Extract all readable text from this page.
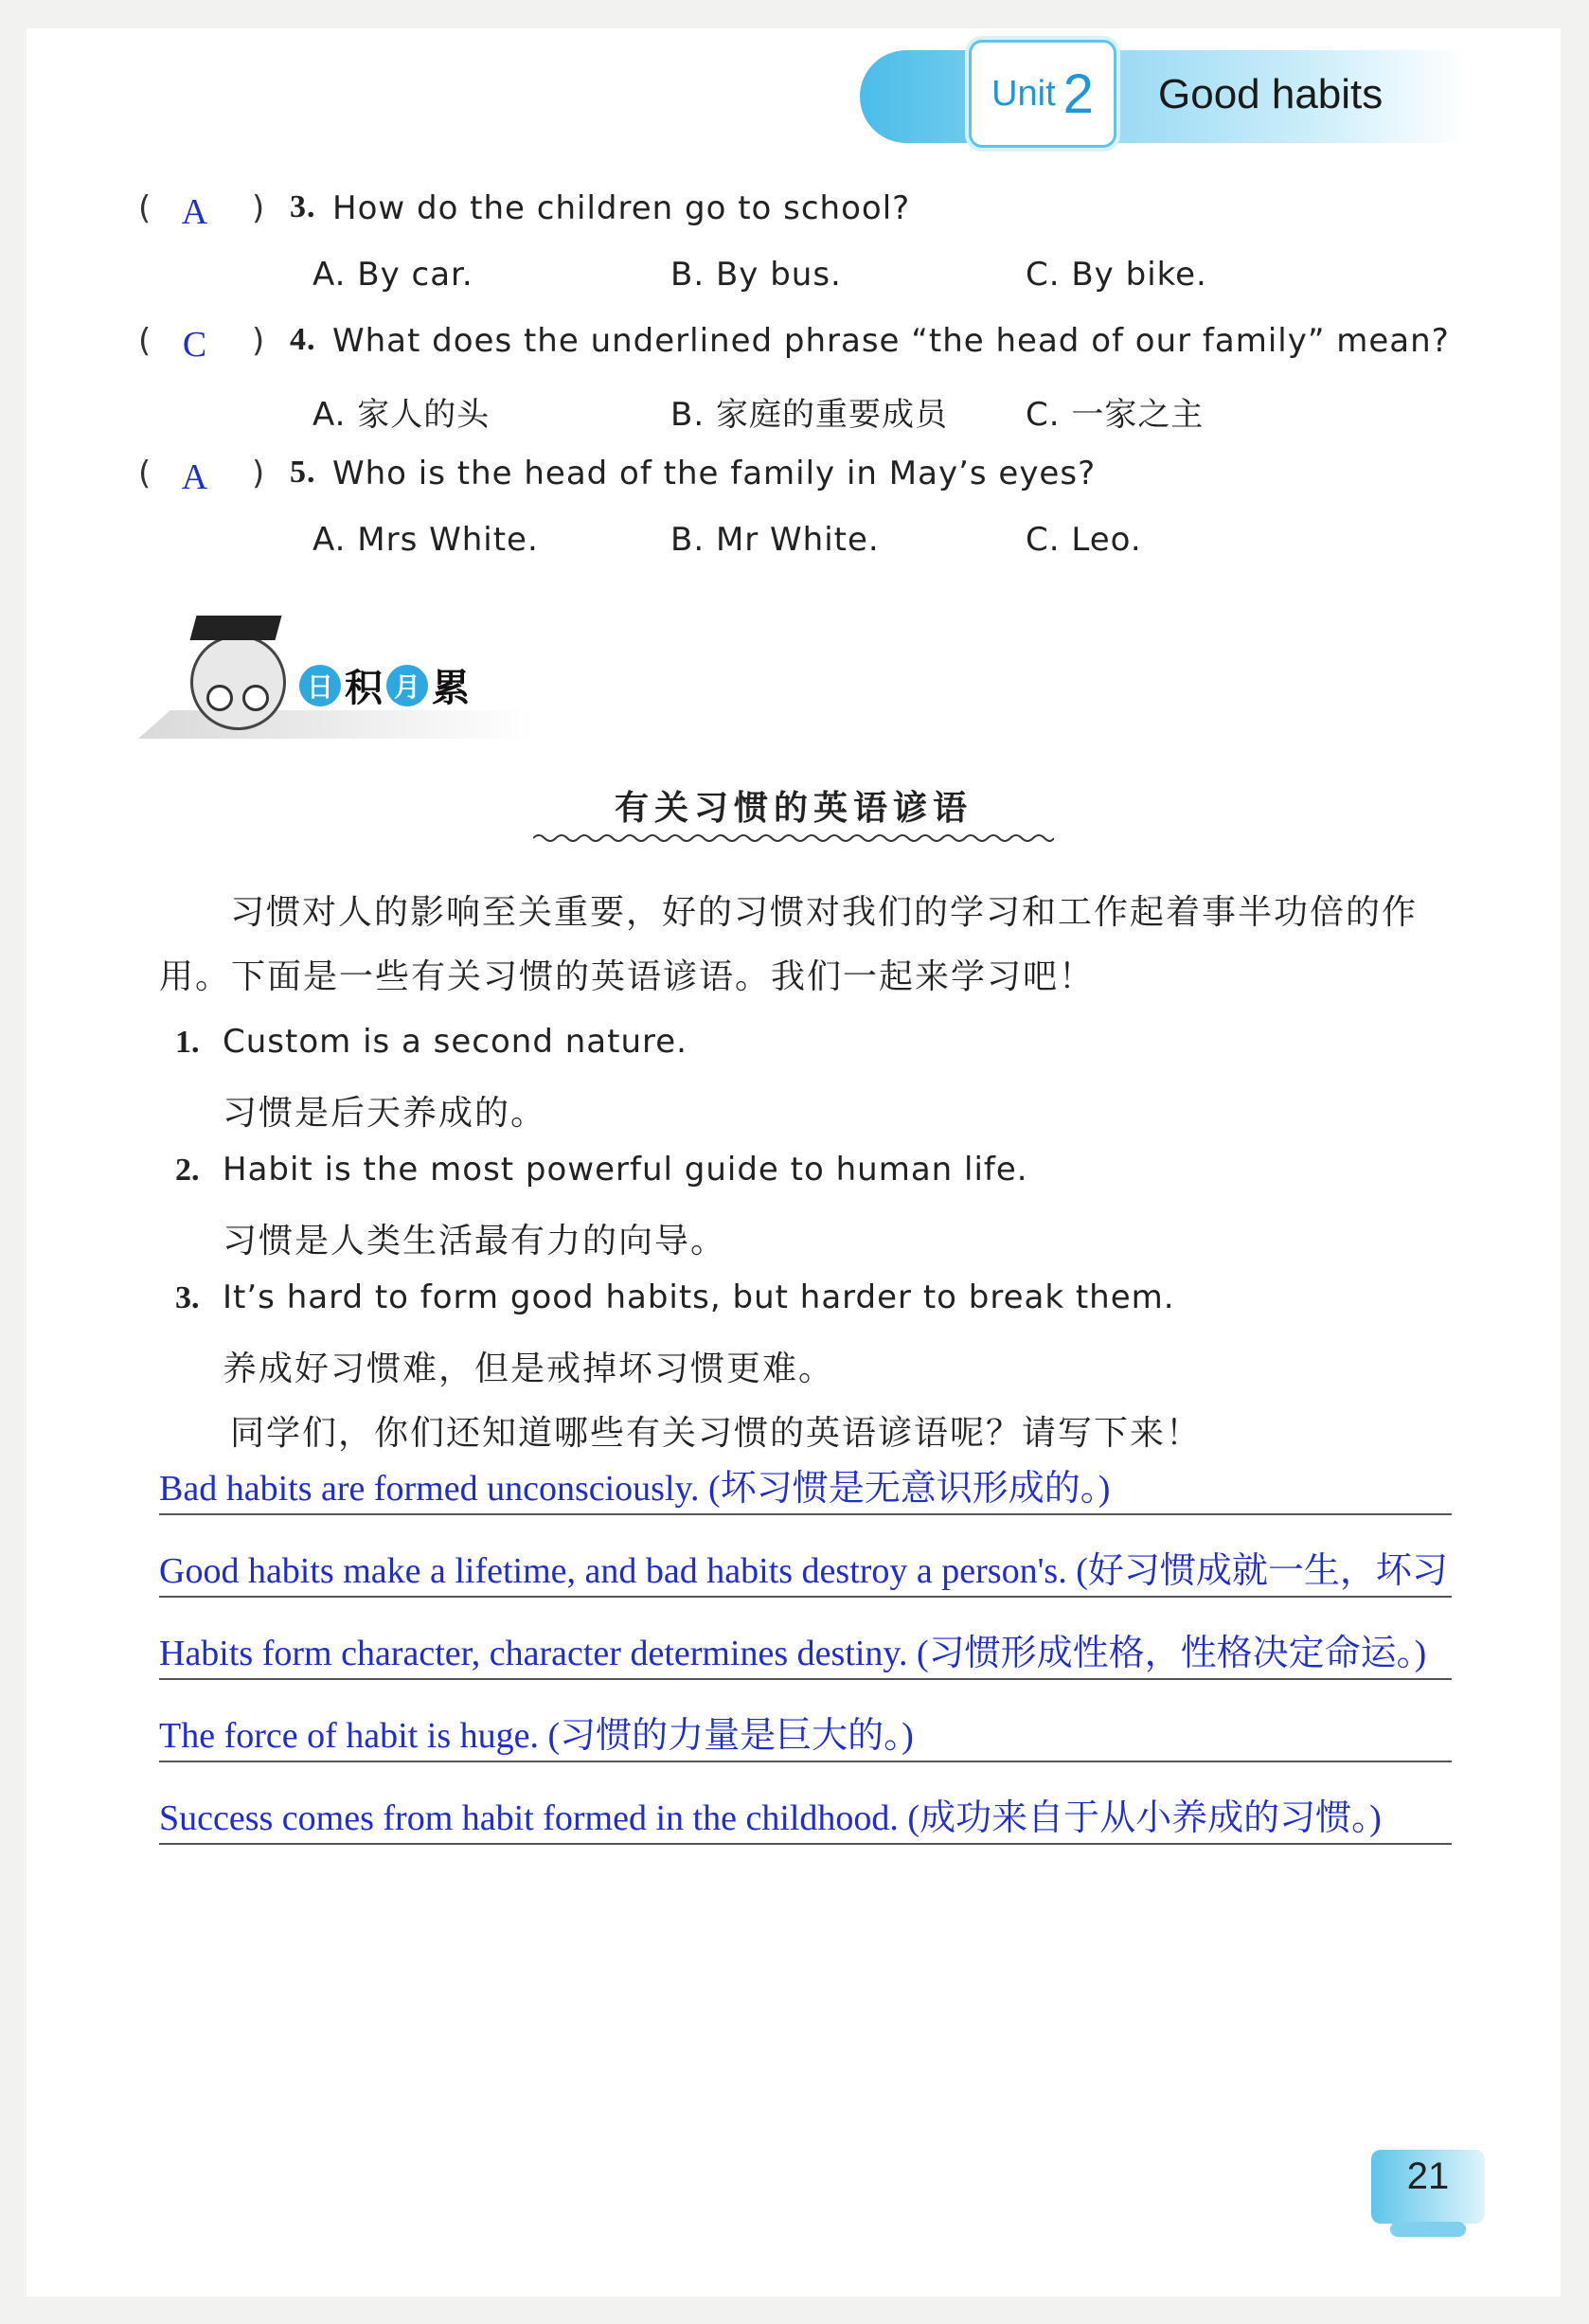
Unit 2 Good habits
( A ) 3. How do the children go to school?
A. By car.	B. By bus.	C. By bike.
( C ) 4. What does the underlined phrase “the head of our family” mean?
A. 家人的头	B. 家庭的重要成员 C. 一家之主
( A ) 5. Who is the head of the family in May’s eyes?
A. Mrs White.	B. Mr White.	C. Leo.
日 积 月 累
有关习惯的英语谚语
习惯对人的影响至关重要，好的习惯对我们的学习和工作起着事半功倍的作
用。下面是一些有关习惯的英语谚语。我们一起来学习吧！
1. Custom is a second nature.
习惯是后天养成的。
2. Habit is the most powerful guide to human life.
习惯是人类生活最有力的向导。
3. It’s hard to form good habits, but harder to break them.
养成好习惯难，但是戒掉坏习惯更难。
同学们，你们还知道哪些有关习惯的英语谚语呢？请写下来！
Bad habits are formed unconsciously. (坏习惯是无意识形成的。)
Good habits make a lifetime, and bad habits destroy a person's. (好习惯成就一生，坏习
Habits form character, character determines destiny. (习惯形成性格，性格决定命运。)
The force of habit is huge. (习惯的力量是巨大的。)
Success comes from habit formed in the childhood. (成功来自于从小养成的习惯。)
21
